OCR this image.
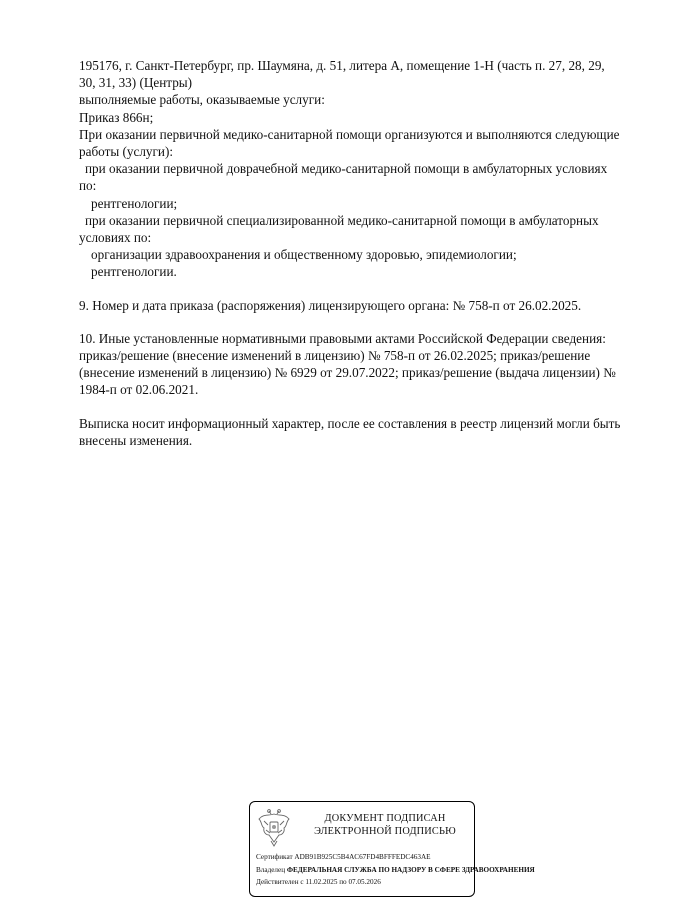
195176, г. Санкт-Петербург, пр. Шаумяна, д. 51, литера А, помещение 1-Н (часть п. 27, 28, 29,
30, 31, 33) (Центры)
выполняемые работы, оказываемые услуги:
Приказ 866н;
При оказании первичной медико-санитарной помощи организуются и выполняются следующие
работы (услуги):
при оказании первичной доврачебной медико-санитарной помощи в амбулаторных условиях
по:
рентгенологии;
при оказании первичной специализированной медико-санитарной помощи в амбулаторных
условиях по:
организации здравоохранения и общественному здоровью, эпидемиологии;
рентгенологии.
9. Номер и дата приказа (распоряжения) лицензирующего органа: № 758-п от 26.02.2025.
10. Иные установленные нормативными правовыми актами Российской Федерации сведения:
приказ/решение (внесение изменений в лицензию) № 758-п от 26.02.2025; приказ/решение
(внесение изменений в лицензию) № 6929 от 29.07.2022; приказ/решение (выдача лицензии) №
1984-п от 02.06.2021.
Выписка носит информационный характер, после ее составления в реестр лицензий могли быть
внесены изменения.
ДОКУМЕНТ ПОДПИСАН
ЭЛЕКТРОННОЙ ПОДПИСЬЮ
Сертификат ADB91B925C5B4AC67FD4BFFFEDC463AE
Владелец ФЕДЕРАЛЬНАЯ СЛУЖБА ПО НАДЗОРУ В СФЕРЕ ЗДРАВООХРАНЕНИЯ
Действителен с 11.02.2025 по 07.05.2026
